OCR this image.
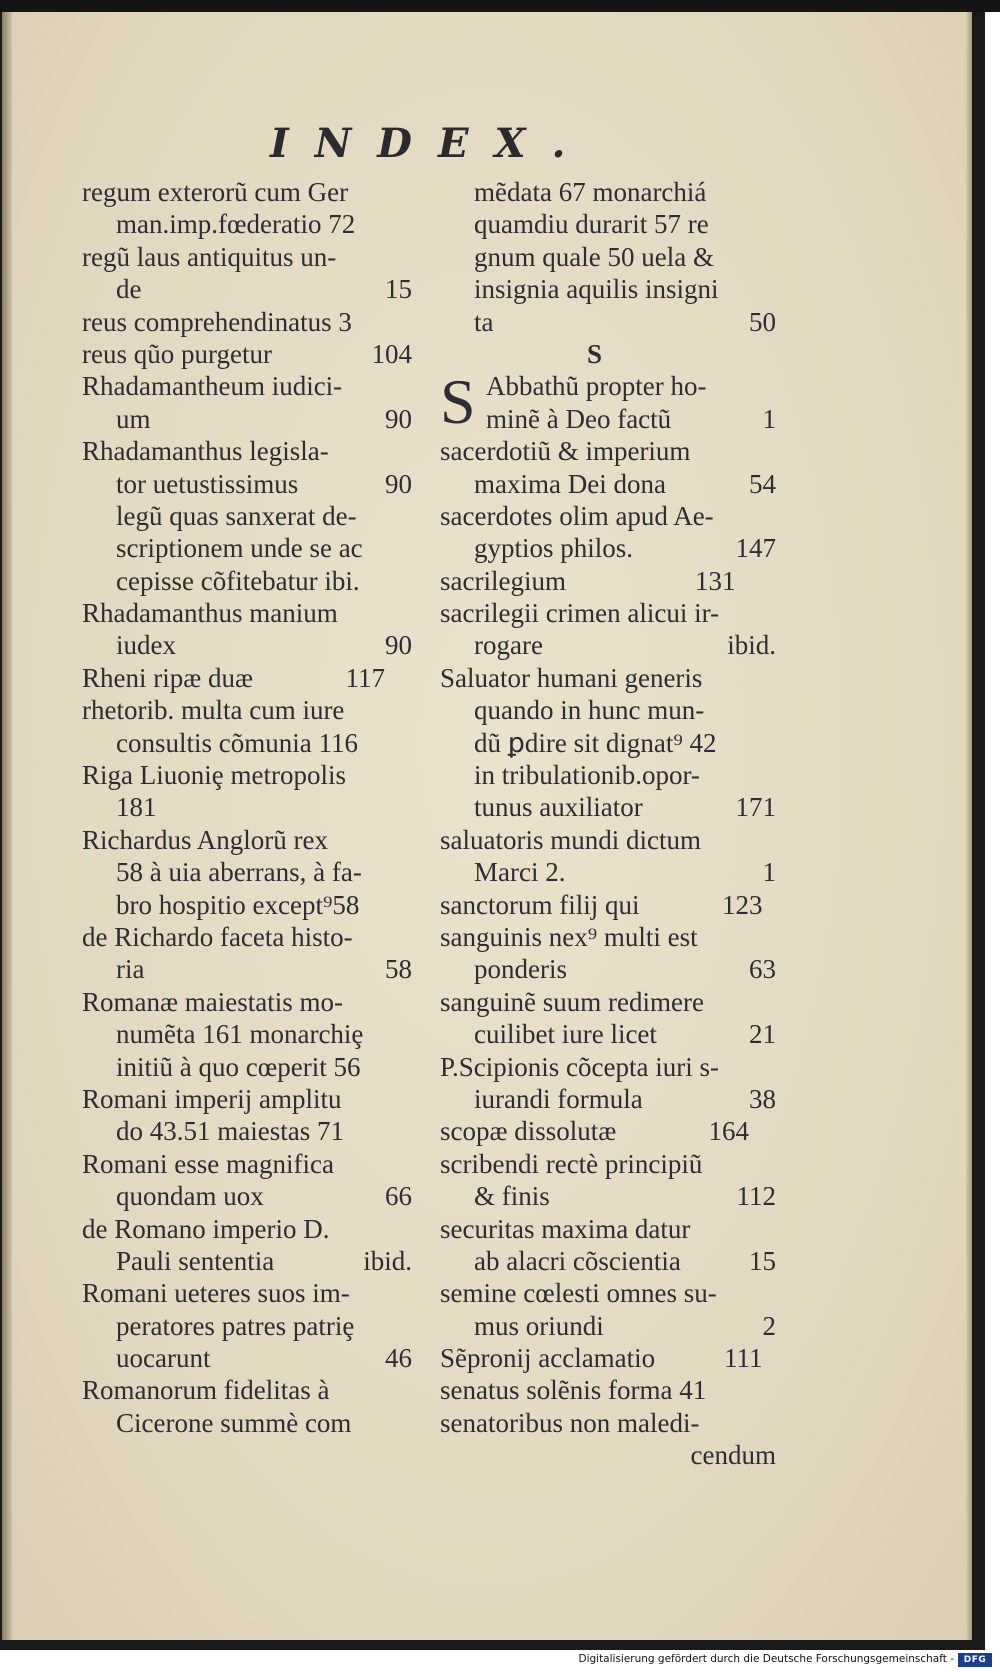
INDEX.
regum exterorũ cum Ger
man.imp.fœderatio 72
regũ laus antiquitus un-
de	15
reus comprehendinatus 3
reus qũo purgetur	104
Rhadamantheum iudici-
um	90
Rhadamanthus legisla-
tor uetustissimus	90
legũ quas sanxerat de-
scriptionem unde se ac
cepisse cõfitebatur ibi.
Rhadamanthus manium
iudex	90
Rheni ripæ duæ	117
rhetorib. multa cum iure
consultis cõmunia 116
Riga Liuoniȩ metropolis
181
Richardus Anglorũ rex
58 à uia aberrans, à fa-
bro hospitio except⁹58
de Richardo faceta histo-
ria	58
Romanæ maiestatis mo-
numẽta 161 monarchiȩ
initiũ à quo cœperit 56
Romani imperij amplitu
do 43.51 maiestas 71
Romani esse magnifica
quondam uox	66
de Romano imperio D.
Pauli sententia	ibid.
Romani ueteres suos im-
peratores patres patriȩ
uocarunt	46
Romanorum fidelitas à
Cicerone summè com
mẽdata 67 monarchiá
quamdiu durarit 57 re
gnum quale 50 uela &
insignia aquilis insigni
ta	50
S
S Abbathũ propter ho-
minẽ à Deo factũ	1
sacerdotiũ & imperium
maxima Dei dona	54
sacerdotes olim apud Ae-
gyptios philos.	147
sacrilegium	131
sacrilegii crimen alicui ir-
rogare	ibid.
Saluator humani generis
quando in hunc mun-
dũ ꝑdire sit dignat⁹ 42
in tribulationib.opor-
tunus auxiliator	171
saluatoris mundi dictum
Marci 2.	1
sanctorum filij qui	123
sanguinis nex⁹ multi est
ponderis	63
sanguinẽ suum redimere
cuilibet iure licet	21
P.Scipionis cõcepta iuri s-
iurandi formula	38
scopæ dissolutæ	164
scribendi rectè principiũ
& finis	112
securitas maxima datur
ab alacri cõscientia	15
semine cœlesti omnes su-
mus oriundi	2
Sẽpronij acclamatio	111
senatus solẽnis forma 41
senatoribus non maledi-
cendum
Digitalisierung gefördert durch die Deutsche Forschungsgemeinschaft -	DFG
